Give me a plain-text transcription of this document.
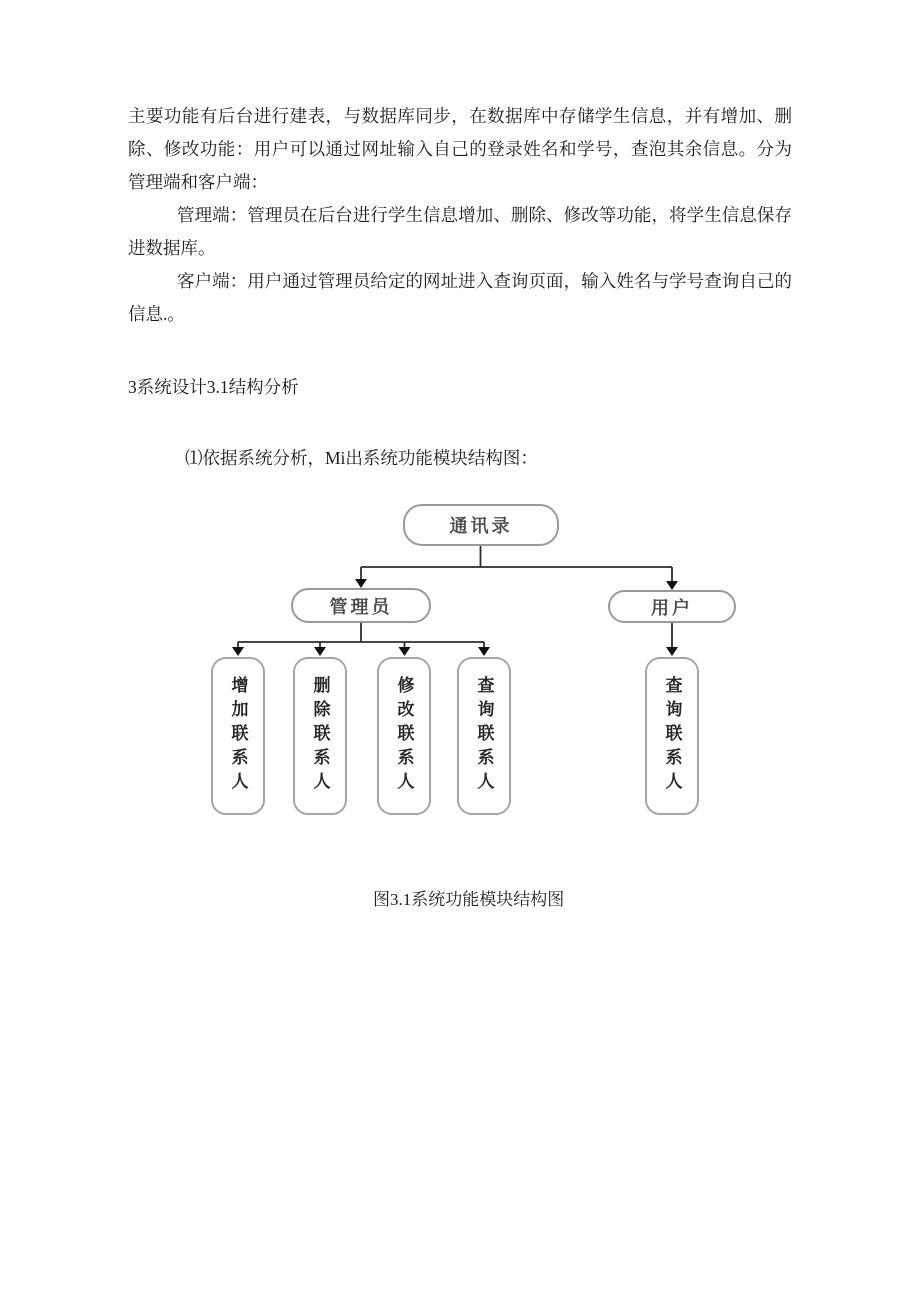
主要功能有后台进行建表，与数据库同步，在数据库中存储学生信息，并有增加、删除、修改功能：用户可以通过网址输入自己的登录姓名和学号，查泡其余信息。分为管理端和客户端：

管理端：管理员在后台进行学生信息增加、删除、修改等功能，将学生信息保存进数据库。

客户端：用户通过管理员给定的网址进入查询页面，输入姓名与学号查询自己的信息.。

3系统设计3.1结构分析

⑴依据系统分析，Mi出系统功能模块结构图：

通讯录
管理员	用户
增加联系人	删除联系人	修改联系人	查询联系人	查询联系人
图3.1系统功能模块结构图
